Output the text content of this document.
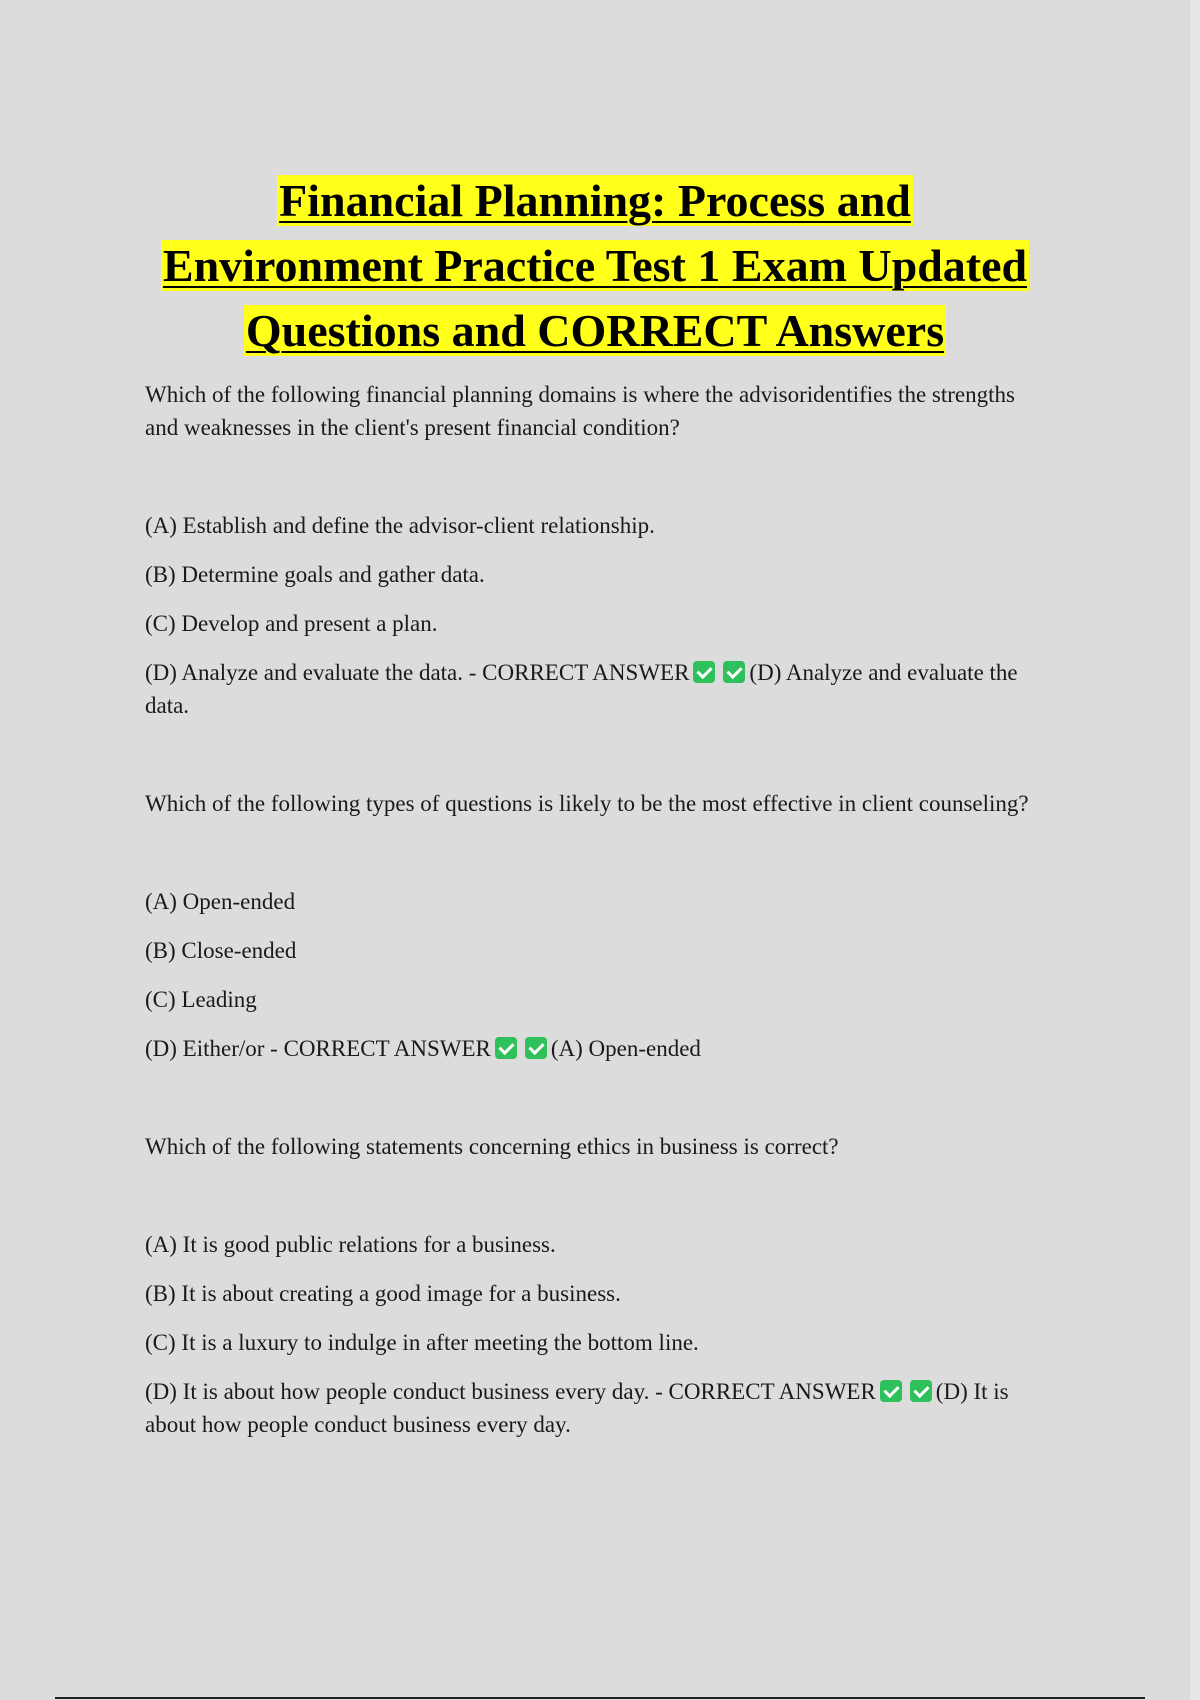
Financial Planning: Process and

Environment Practice Test 1 Exam Updated

Questions and CORRECT Answers

Which of the following financial planning domains is where the advisoridentifies the strengths and weaknesses in the client's present financial condition?

(A) Establish and define the advisor-client relationship.

(B) Determine goals and gather data.

(C) Develop and present a plan.

(D) Analyze and evaluate the data. - CORRECT ANSWER	(D) Analyze and evaluate the data.

Which of the following types of questions is likely to be the most effective in client counseling?

(A) Open-ended

(B) Close-ended

(C) Leading

(D) Either/or - CORRECT ANSWER	(A) Open-ended

Which of the following statements concerning ethics in business is correct?

(A) It is good public relations for a business.

(B) It is about creating a good image for a business.

(C) It is a luxury to indulge in after meeting the bottom line.

(D) It is about how people conduct business every day. - CORRECT ANSWER	(D) It is about how people conduct business every day.
